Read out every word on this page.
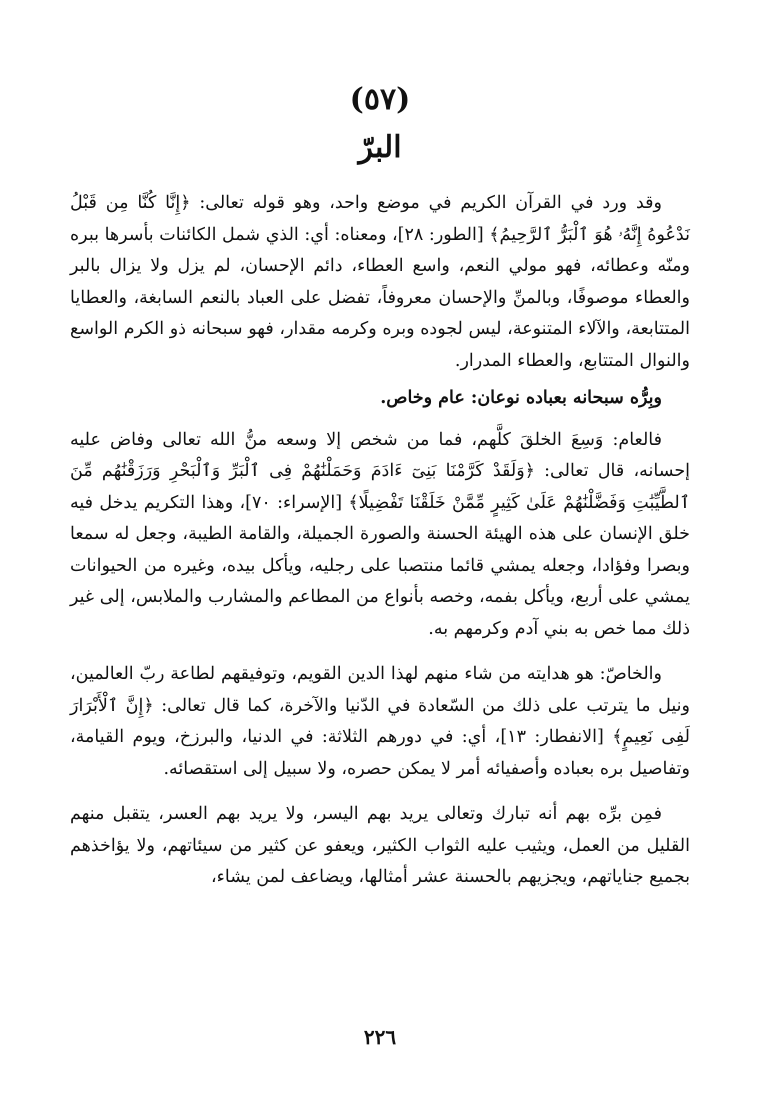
(٥٧)
البرّ

وقد ورد في القرآن الكريم في موضع واحد، وهو قوله تعالى: ﴿إِنَّا كُنَّا مِن قَبْلُ نَدْعُوهُ إِنَّهُۥ هُوَ ٱلْبَرُّ ٱلرَّحِيمُ﴾ [الطور: ٢٨]، ومعناه: أي: الذي شمل الكائنات بأسرها ببره ومنّه وعطائه، فهو مولي النعم، واسع العطاء، دائم الإحسان، لم يزل ولا يزال بالبر والعطاء موصوفًا، وبالمنِّ والإحسان معروفاً، تفضل على العباد بالنعم السابغة، والعطايا المتتابعة، والآلاء المتنوعة، ليس لجوده وبره وكرمه مقدار، فهو سبحانه ذو الكرم الواسع والنوال المتتابع، والعطاء المدرار.

وبِرُّه سبحانه بعباده نوعان: عام وخاص.

فالعام: وَسِعَ الخلقَ كلَّهم، فما من شخص إلا وسعه منُّ الله تعالى وفاض عليه إحسانه، قال تعالى: ﴿وَلَقَدْ كَرَّمْنَا بَنِىٓ ءَادَمَ وَحَمَلْنَٰهُمْ فِى ٱلْبَرِّ وَٱلْبَحْرِ وَرَزَقْنَٰهُم مِّنَ ٱلطَّيِّبَٰتِ وَفَضَّلْنَٰهُمْ عَلَىٰ كَثِيرٍ مِّمَّنْ خَلَقْنَا تَفْضِيلًا﴾ [الإسراء: ٧٠]، وهذا التكريم يدخل فيه خلق الإنسان على هذه الهيئة الحسنة والصورة الجميلة، والقامة الطيبة، وجعل له سمعا وبصرا وفؤادا، وجعله يمشي قائما منتصبا على رجليه، ويأكل بيده، وغيره من الحيوانات يمشي على أربع، ويأكل بفمه، وخصه بأنواع من المطاعم والمشارب والملابس، إلى غير ذلك مما خص به بني آدم وكرمهم به.

والخاصّ: هو هدايته من شاء منهم لهذا الدين القويم، وتوفيقهم لطاعة ربّ العالمين، ونيل ما يترتب على ذلك من السّعادة في الدّنيا والآخرة، كما قال تعالى: ﴿إِنَّ ٱلْأَبْرَارَ لَفِى نَعِيمٍ﴾ [الانفطار: ١٣]، أي: في دورهم الثلاثة: في الدنيا، والبرزخ، ويوم القيامة، وتفاصيل بره بعباده وأصفيائه أمر لا يمكن حصره، ولا سبيل إلى استقصائه.

فمِن برِّه بهم أنه تبارك وتعالى يريد بهم اليسر، ولا يريد بهم العسر، يتقبل منهم القليل من العمل، ويثيب عليه الثواب الكثير، ويعفو عن كثير من سيئاتهم، ولا يؤاخذهم بجميع جناياتهم، ويجزيهم بالحسنة عشر أمثالها، ويضاعف لمن يشاء،

٢٢٦
